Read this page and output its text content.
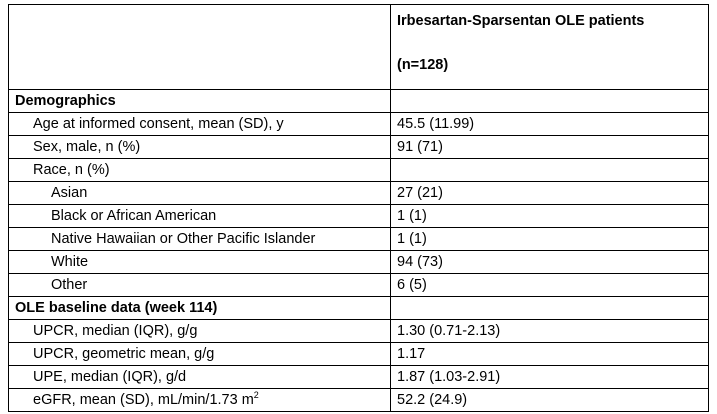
	Irbesartan-Sparsentan OLE patients
(n=128)

Demographics	
Age at informed consent, mean (SD), y	45.5 (11.99)
Sex, male, n (%)	91 (71)
Race, n (%)	
Asian	27 (21)
Black or African American	1 (1)
Native Hawaiian or Other Pacific Islander	1 (1)
White	94 (73)
Other	6 (5)
OLE baseline data (week 114)	
UPCR, median (IQR), g/g	1.30 (0.71-2.13)
UPCR, geometric mean, g/g	1.17
UPE, median (IQR), g/d	1.87 (1.03-2.91)
eGFR, mean (SD), mL/min/1.73 $m^2$	52.2 (24.9)
